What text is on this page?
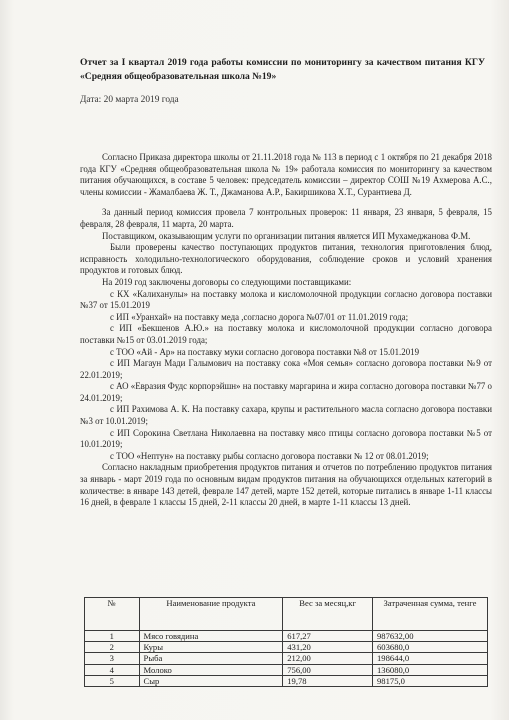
Отчет за I квартал 2019 года работы комиссии по мониторингу за качеством питания КГУ «Средняя общеобразовательная школа №19»
Дата: 20 марта 2019 года

Согласно Приказа директора школы от 21.11.2018 года № 113 в период с 1 октября по 21 декабря 2018 года КГУ «Средняя общеобразовательная школа № 19» работала комиссия по мониторингу за качеством питания обучающихся, в составе 5 человек: председатель комиссии – директор СОШ №19 Ахмерова А.С., члены комиссии - Жамалбаева Ж. Т., Джаманова А.Р., Бакиршикова Х.Т., Сурантиева Д.

За данный период комиссия провела 7 контрольных проверок: 11 января, 23 января, 5 февраля, 15 февраля, 28 февраля, 11 марта, 20 марта.

Поставщиком, оказывающим услуги по организации питания является ИП Мухамеджанова Ф.М.

Были проверены качество поступающих продуктов питания, технология приготовления блюд, исправность холодильно-технологического оборудования, соблюдение сроков и условий хранения продуктов и готовых блюд.

На 2019 год заключены договоры со следующими поставщиками:

с КХ «Калиханулы» на поставку молока и кисломолочной продукции согласно договора поставки №37 от 15.01.2019

с ИП «Уранхай» на поставку меда ,согласно дорога №07/01 от 11.01.2019 года;

с ИП «Бекшенов А.Ю.» на поставку молока и кисломолочной продукции согласно договора поставки №15 от 03.01.2019 года;

с ТОО «Ай - Ар» на поставку муки согласно договора поставки №8 от 15.01.2019

с ИП Магаун Мади Галымович на поставку сока «Моя семья» согласно договора поставки №9 от 22.01.2019;

с АО «Евразия Фудс корпорэйшн» на поставку маргарина и жира согласно договора поставки №77 о 24.01.2019;

с ИП Рахимова А. К. На поставку сахара, крупы и растительного масла согласно договора поставки №3 от 10.01.2019;

с ИП Сорокина Светлана Николаевна на поставку мясо птицы согласно договора поставки №5 от 10.01.2019;

с ТОО «Нептун» на поставку рыбы согласно договора поставки № 12 от 08.01.2019;

Согласно накладным приобретения продуктов питания и отчетов по потреблению продуктов питания за январь - март 2019 года по основным видам продуктов питания на обучающихся отдельных категорий в количестве: в январе 143 детей, феврале 147 детей, марте 152 детей, которые питались в январе 1-11 классы 16 дней, в феврале 1 классы 15 дней, 2-11 классы 20 дней, в марте 1-11 классы 13 дней.

№	Наименование продукта	Вес за месяц,кг	Затраченная сумма, тенге
1	Мясо говядина	617,27	987632,00
2	Куры	431,20	603680,0
3	Рыба	212,00	198644,0
4	Молоко	756,00	136080,0
5	Сыр	19,78	98175,0
